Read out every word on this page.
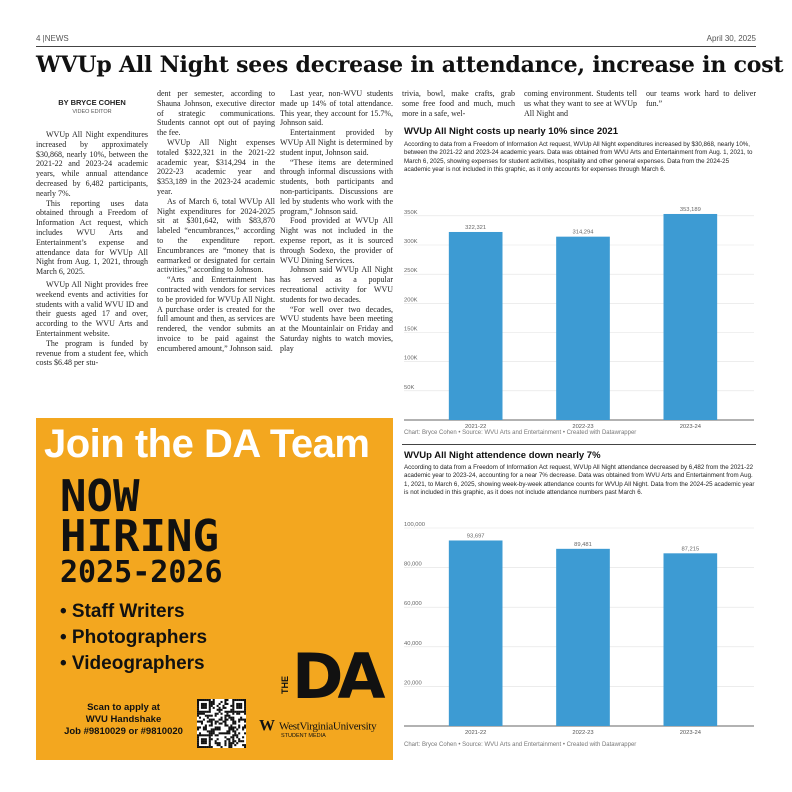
4 |NEWS	April 30, 2025
WVUp All Night sees decrease in attendance, increase in cost
BY BRYCE COHEN
VIDEO EDITOR

WVUp All Night expenditures increased by approximately $30,868, nearly 10%, between the 2021-22 and 2023-24 academic years, while annual attendance decreased by 6,482 participants, nearly 7%.

This reporting uses data obtained through a Freedom of Information Act request, which includes WVU Arts and Entertainment’s expense and attendance data for WVUp All Night from Aug. 1, 2021, through March 6, 2025.

WVUp All Night provides free weekend events and activities for students with a valid WVU ID and their guests aged 17 and over, according to the WVU Arts and Entertainment website.

The program is funded by revenue from a student fee, which costs $6.48 per stu-

dent per semester, according to Shauna Johnson, executive director of strategic communications. Students cannot opt out of paying the fee.

WVUp All Night expenses totaled $322,321 in the 2021-22 academic year, $314,294 in the 2022-23 academic year and $353,189 in the 2023-24 academic year.

As of March 6, total WVUp All Night expenditures for 2024-2025 sit at $301,642, with $83,870 labeled “encumbrances,” according to the expenditure report. Encumbrances are “money that is earmarked or designated for certain activities,” according to Johnson.

“Arts and Entertainment has contracted with vendors for services to be provided for WVUp All Night. A purchase order is created for the full amount and then, as services are rendered, the vendor submits an invoice to be paid against the encumbered amount,” Johnson said.

Last year, non-WVU students made up 14% of total attendance. This year, they account for 15.7%, Johnson said.

Entertainment provided by WVUp All Night is determined by student input, Johnson said.

“These items are determined through informal discussions with students, both participants and non-participants. Discussions are led by students who work with the program,” Johnson said.

Food provided at WVUp All Night was not included in the expense report, as it is sourced through Sodexo, the provider of WVU Dining Services.

Johnson said WVUp All Night has served as a popular recreational activity for WVU students for two decades.

“For well over two decades, WVU students have been meeting at the Mountainlair on Friday and Saturday nights to watch movies, play

trivia, bowl, make crafts, grab some free food and much, much more in a safe, wel-

coming environment. Students tell us what they want to see at WVUp All Night and

our teams work hard to deliver fun.”

WVUp All Night costs up nearly 10% since 2021
According to data from a Freedom of Information Act request, WVUp All Night expenditures increased by $30,868, nearly 10%, between the 2021-22 and 2023-24 academic years. Data was obtained from WVU Arts and Entertainment from Aug. 1, 2021, to March 6, 2025, showing expenses for student activities, hospitality and other general expenses. Data from the 2024-25 academic year is not included in this graphic, as it only accounts for expenses through March 6.
50K
100K
150K
200K
250K
300K
350K
322,321
2021-22
314,294
2022-23
353,189
2023-24
Chart: Bryce Cohen • Source: WVU Arts and Entertainment • Created with Datawrapper
WVUp All Night attendence down nearly 7%
According to data from a Freedom of Information Act request, WVUp All Night attendance decreased by 6,482 from the 2021-22 academic year to 2023-24, accounting for a near 7% decrease. Data was obtained from WVU Arts and Entertainment from Aug. 1, 2021, to March 6, 2025, showing week-by-week attendance counts for WVUp All Night. Data from the 2024-25 academic year is not included in this graphic, as it does not include attendance numbers past March 6.
20,000
40,000
60,000
80,000
100,000
93,697
2021-22
89,481
2022-23
87,215
2023-24
Chart: Bryce Cohen • Source: WVU Arts and Entertainment • Created with Datawrapper
Join the DA Team
NOW
HIRING
2025-2026
• Staff Writers
• Photographers
• Videographers
Scan to apply at
WVU Handshake
Job #9810029 or #9810020
THE DA
W WestVirginiaUniversity
STUDENT MEDIA
